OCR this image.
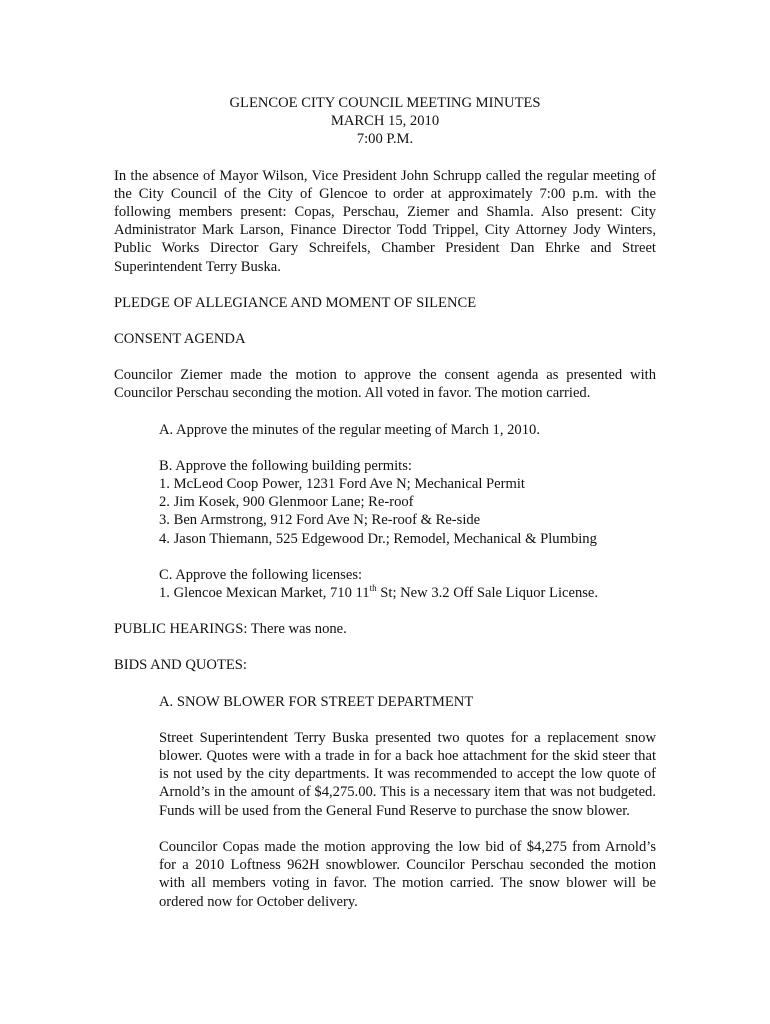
GLENCOE CITY COUNCIL MEETING MINUTES

MARCH 15, 2010

7:00 P.M.

In the absence of Mayor Wilson, Vice President John Schrupp called the regular meeting of the City Council of the City of Glencoe to order at approximately 7:00 p.m. with the following members present: Copas, Perschau, Ziemer and Shamla. Also present: City Administrator Mark Larson, Finance Director Todd Trippel, City Attorney Jody Winters, Public Works Director Gary Schreifels, Chamber President Dan Ehrke and Street Superintendent Terry Buska.

PLEDGE OF ALLEGIANCE AND MOMENT OF SILENCE

CONSENT AGENDA

Councilor Ziemer made the motion to approve the consent agenda as presented with Councilor Perschau seconding the motion. All voted in favor. The motion carried.

A. Approve the minutes of the regular meeting of March 1, 2010.

B. Approve the following building permits:

1. McLeod Coop Power, 1231 Ford Ave N; Mechanical Permit

2. Jim Kosek, 900 Glenmoor Lane; Re-roof

3. Ben Armstrong, 912 Ford Ave N; Re-roof & Re-side

4. Jason Thiemann, 525 Edgewood Dr.; Remodel, Mechanical & Plumbing

C. Approve the following licenses:

1. Glencoe Mexican Market, 710 11th St; New 3.2 Off Sale Liquor License.

PUBLIC HEARINGS: There was none.

BIDS AND QUOTES:

A. SNOW BLOWER FOR STREET DEPARTMENT

Street Superintendent Terry Buska presented two quotes for a replacement snow blower. Quotes were with a trade in for a back hoe attachment for the skid steer that is not used by the city departments. It was recommended to accept the low quote of Arnold’s in the amount of $4,275.00. This is a necessary item that was not budgeted. Funds will be used from the General Fund Reserve to purchase the snow blower.

Councilor Copas made the motion approving the low bid of $4,275 from Arnold’s for a 2010 Loftness 962H snowblower. Councilor Perschau seconded the motion with all members voting in favor. The motion carried. The snow blower will be ordered now for October delivery.
